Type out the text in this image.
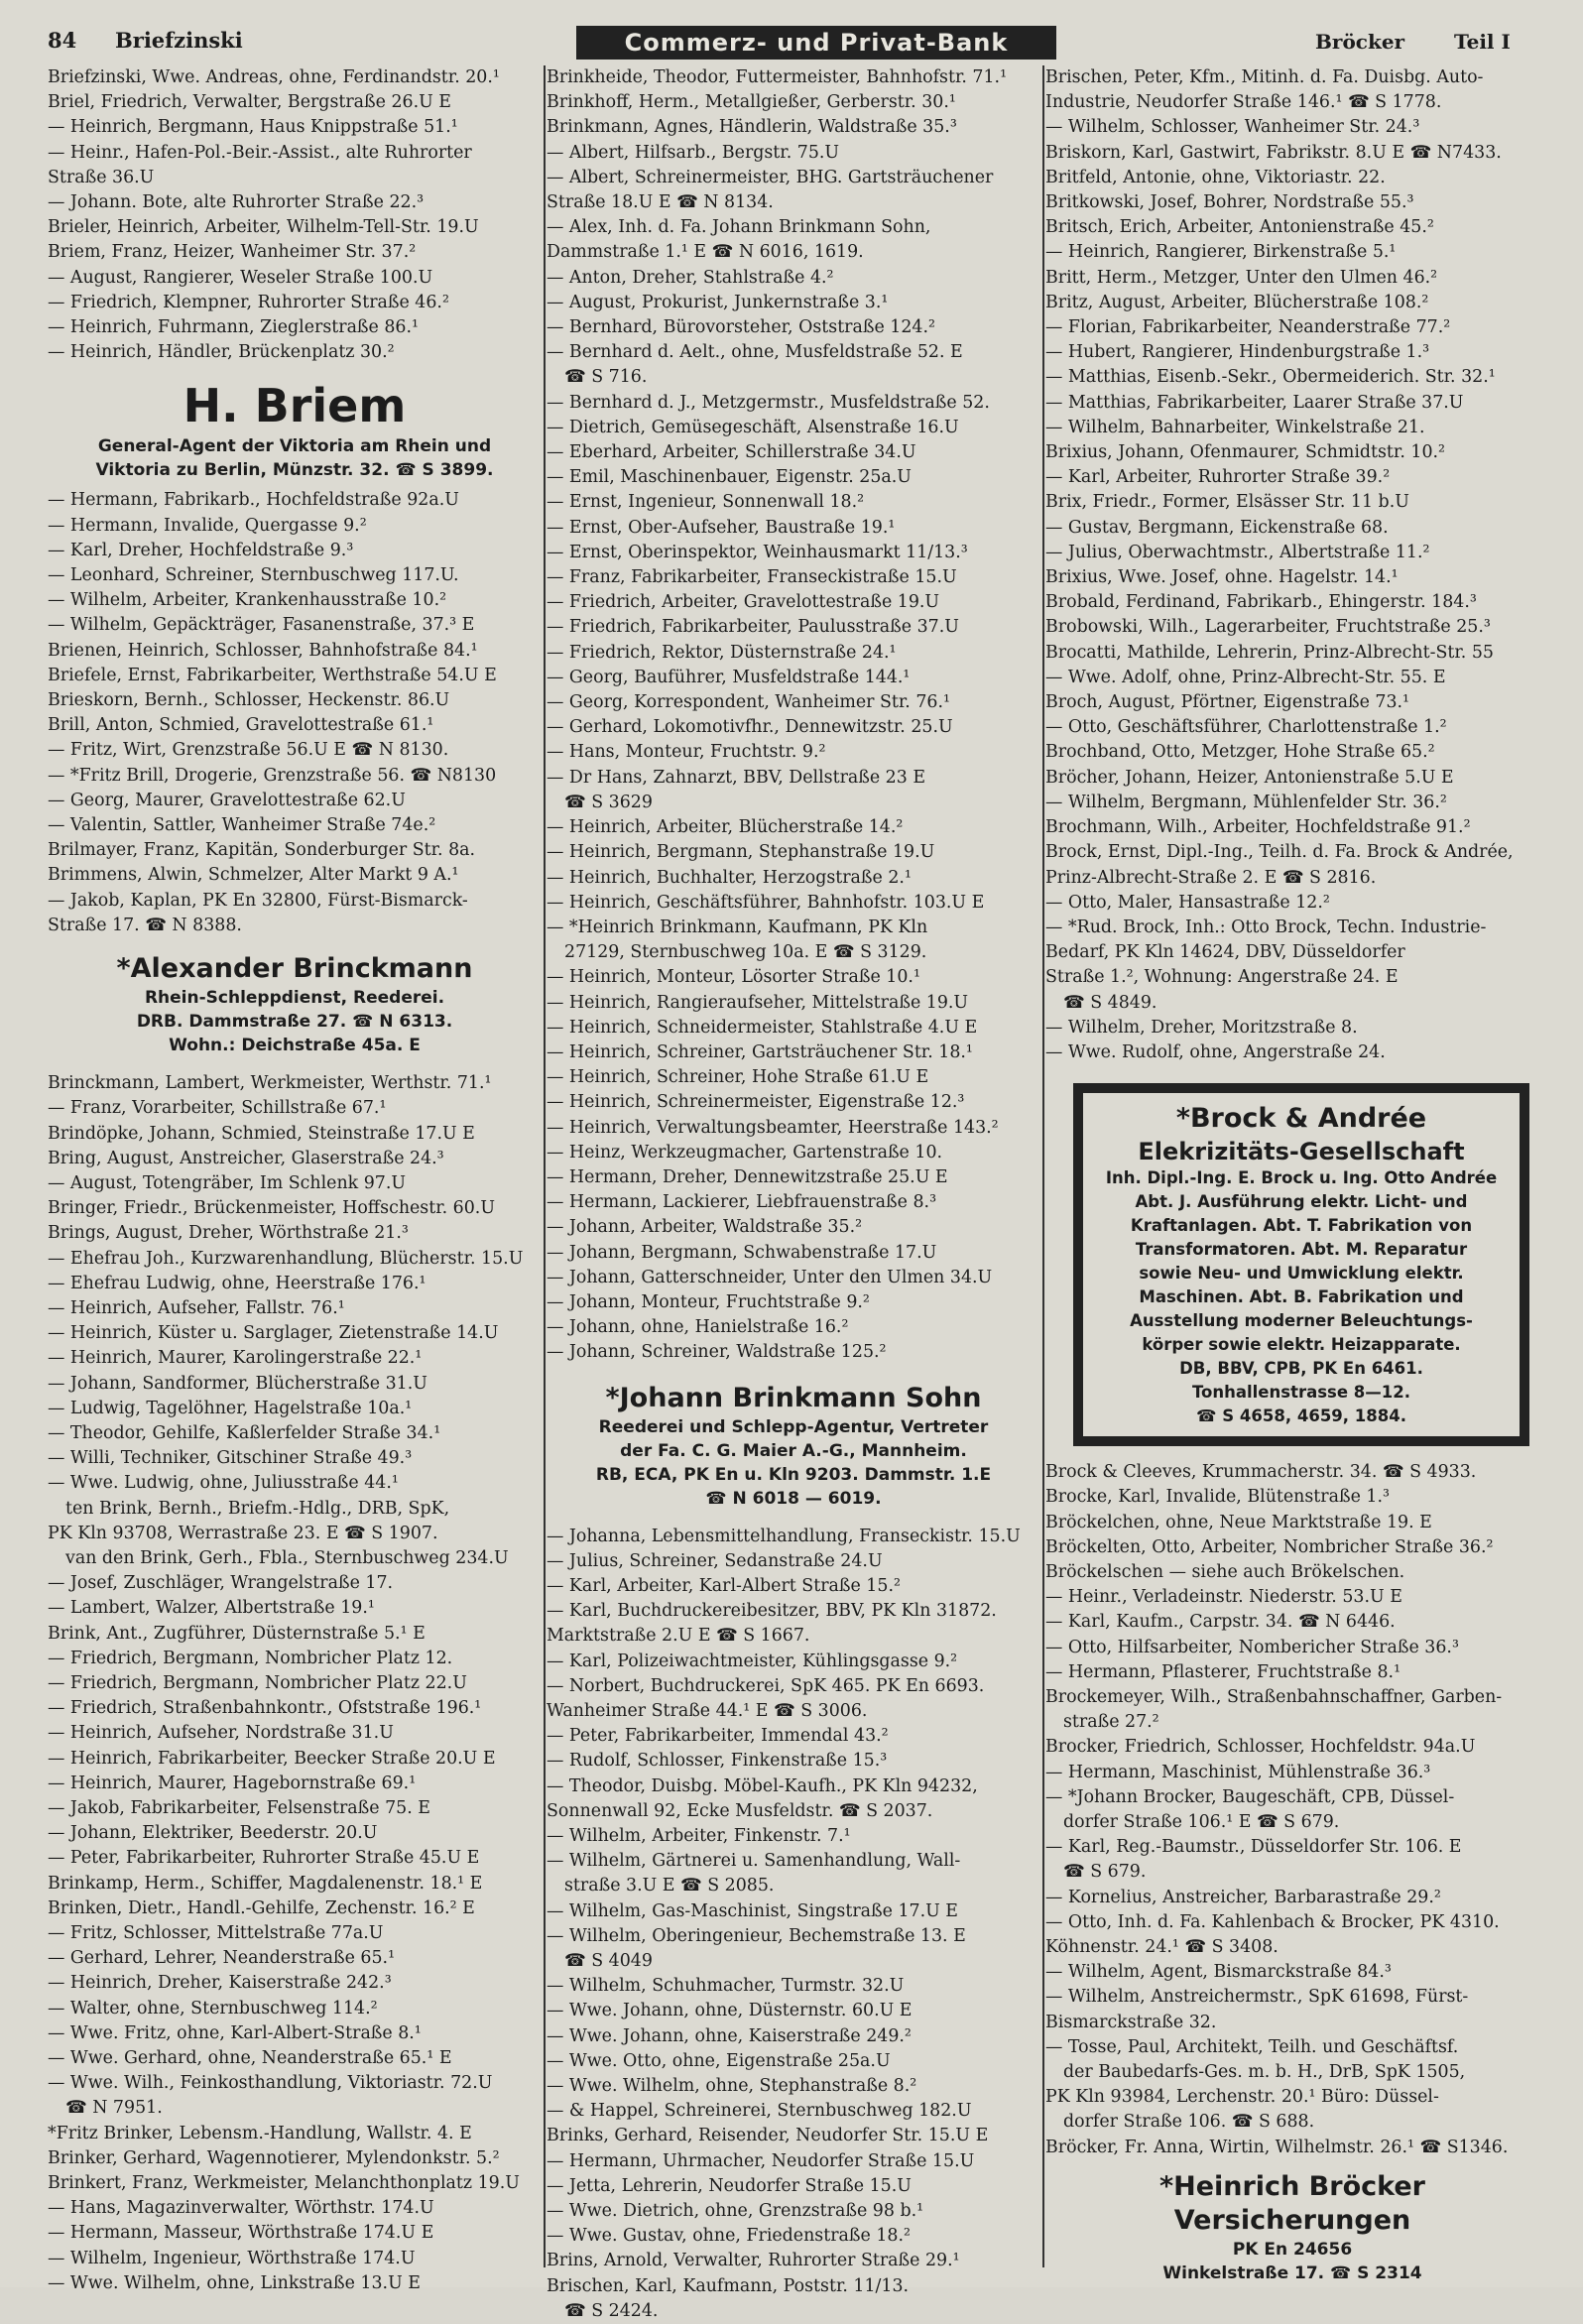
84 Briefzinski	Commerz- und Privat-Bank	Bröcker Teil I
Briefzinski, Wwe. Andreas, ohne, Ferdinandstr. 20.¹
Briel, Friedrich, Verwalter, Bergstraße 26.U E
— Heinrich, Bergmann, Haus Knippstraße 51.¹
— Heinr., Hafen-Pol.-Beir.-Assist., alte Ruhrorter
Straße 36.U
— Johann. Bote, alte Ruhrorter Straße 22.³
Brieler, Heinrich, Arbeiter, Wilhelm-Tell-Str. 19.U
Briem, Franz, Heizer, Wanheimer Str. 37.²
— August, Rangierer, Weseler Straße 100.U
— Friedrich, Klempner, Ruhrorter Straße 46.²
— Heinrich, Fuhrmann, Zieglerstraße 86.¹
— Heinrich, Händler, Brückenplatz 30.²
H. Briem
General-Agent der Viktoria am Rhein und
Viktoria zu Berlin, Münzstr. 32. ☎ S 3899.
— Hermann, Fabrikarb., Hochfeldstraße 92a.U
— Hermann, Invalide, Quergasse 9.²
— Karl, Dreher, Hochfeldstraße 9.³
— Leonhard, Schreiner, Sternbuschweg 117.U.
— Wilhelm, Arbeiter, Krankenhausstraße 10.²
— Wilhelm, Gepäckträger, Fasanenstraße, 37.³ E
Brienen, Heinrich, Schlosser, Bahnhofstraße 84.¹
Briefele, Ernst, Fabrikarbeiter, Werthstraße 54.U E
Brieskorn, Bernh., Schlosser, Heckenstr. 86.U
Brill, Anton, Schmied, Gravelottestraße 61.¹
— Fritz, Wirt, Grenzstraße 56.U E ☎ N 8130.
— *Fritz Brill, Drogerie, Grenzstraße 56. ☎ N8130
— Georg, Maurer, Gravelottestraße 62.U
— Valentin, Sattler, Wanheimer Straße 74e.²
Brilmayer, Franz, Kapitän, Sonderburger Str. 8a.
Brimmens, Alwin, Schmelzer, Alter Markt 9 A.¹
— Jakob, Kaplan, PK En 32800, Fürst-Bismarck-
Straße 17. ☎ N 8388.
*Alexander Brinckmann
Rhein-Schleppdienst, Reederei.
DRB. Dammstraße 27. ☎ N 6313.
Wohn.: Deichstraße 45a. E
Brinckmann, Lambert, Werkmeister, Werthstr. 71.¹
— Franz, Vorarbeiter, Schillstraße 67.¹
Brindöpke, Johann, Schmied, Steinstraße 17.U E
Bring, August, Anstreicher, Glaserstraße 24.³
— August, Totengräber, Im Schlenk 97.U
Bringer, Friedr., Brückenmeister, Hoffschestr. 60.U
Brings, August, Dreher, Wörthstraße 21.³
— Ehefrau Joh., Kurzwarenhandlung, Blücherstr. 15.U
— Ehefrau Ludwig, ohne, Heerstraße 176.¹
— Heinrich, Aufseher, Fallstr. 76.¹
— Heinrich, Küster u. Sarglager, Zietenstraße 14.U
— Heinrich, Maurer, Karolingerstraße 22.¹
— Johann, Sandformer, Blücherstraße 31.U
— Ludwig, Tagelöhner, Hagelstraße 10a.¹
— Theodor, Gehilfe, Kaßlerfelder Straße 34.¹
— Willi, Techniker, Gitschiner Straße 49.³
— Wwe. Ludwig, ohne, Juliusstraße 44.¹
ten Brink, Bernh., Briefm.-Hdlg., DRB, SpK,
PK Kln 93708, Werrastraße 23. E ☎ S 1907.
van den Brink, Gerh., Fbla., Sternbuschweg 234.U
— Josef, Zuschläger, Wrangelstraße 17.
— Lambert, Walzer, Albertstraße 19.¹
Brink, Ant., Zugführer, Düsternstraße 5.¹ E
— Friedrich, Bergmann, Nombricher Platz 12.
— Friedrich, Bergmann, Nombricher Platz 22.U
— Friedrich, Straßenbahnkontr., Ofststraße 196.¹
— Heinrich, Aufseher, Nordstraße 31.U
— Heinrich, Fabrikarbeiter, Beecker Straße 20.U E
— Heinrich, Maurer, Hagebornstraße 69.¹
— Jakob, Fabrikarbeiter, Felsenstraße 75. E
— Johann, Elektriker, Beederstr. 20.U
— Peter, Fabrikarbeiter, Ruhrorter Straße 45.U E
Brinkamp, Herm., Schiffer, Magdalenenstr. 18.¹ E
Brinken, Dietr., Handl.-Gehilfe, Zechenstr. 16.² E
— Fritz, Schlosser, Mittelstraße 77a.U
— Gerhard, Lehrer, Neanderstraße 65.¹
— Heinrich, Dreher, Kaiserstraße 242.³
— Walter, ohne, Sternbuschweg 114.²
— Wwe. Fritz, ohne, Karl-Albert-Straße 8.¹
— Wwe. Gerhard, ohne, Neanderstraße 65.¹ E
— Wwe. Wilh., Feinkosthandlung, Viktoriastr. 72.U
☎ N 7951.
*Fritz Brinker, Lebensm.-Handlung, Wallstr. 4. E
Brinker, Gerhard, Wagennotierer, Mylendonkstr. 5.²
Brinkert, Franz, Werkmeister, Melanchthonplatz 19.U
— Hans, Magazinverwalter, Wörthstr. 174.U
— Hermann, Masseur, Wörthstraße 174.U E
— Wilhelm, Ingenieur, Wörthstraße 174.U
— Wwe. Wilhelm, ohne, Linkstraße 13.U E
Brinkheide, Theodor, Futtermeister, Bahnhofstr. 71.¹
Brinkhoff, Herm., Metallgießer, Gerberstr. 30.¹
Brinkmann, Agnes, Händlerin, Waldstraße 35.³
— Albert, Hilfsarb., Bergstr. 75.U
— Albert, Schreinermeister, BHG. Gartsträuchener
Straße 18.U E ☎ N 8134.
— Alex, Inh. d. Fa. Johann Brinkmann Sohn,
Dammstraße 1.¹ E ☎ N 6016, 1619.
— Anton, Dreher, Stahlstraße 4.²
— August, Prokurist, Junkernstraße 3.¹
— Bernhard, Bürovorsteher, Oststraße 124.²
— Bernhard d. Aelt., ohne, Musfeldstraße 52. E
☎ S 716.
— Bernhard d. J., Metzgermstr., Musfeldstraße 52.
— Dietrich, Gemüsegeschäft, Alsenstraße 16.U
— Eberhard, Arbeiter, Schillerstraße 34.U
— Emil, Maschinenbauer, Eigenstr. 25a.U
— Ernst, Ingenieur, Sonnenwall 18.²
— Ernst, Ober-Aufseher, Baustraße 19.¹
— Ernst, Oberinspektor, Weinhausmarkt 11/13.³
— Franz, Fabrikarbeiter, Franseckistraße 15.U
— Friedrich, Arbeiter, Gravelottestraße 19.U
— Friedrich, Fabrikarbeiter, Paulusstraße 37.U
— Friedrich, Rektor, Düsternstraße 24.¹
— Georg, Bauführer, Musfeldstraße 144.¹
— Georg, Korrespondent, Wanheimer Str. 76.¹
— Gerhard, Lokomotivfhr., Dennewitzstr. 25.U
— Hans, Monteur, Fruchtstr. 9.²
— Dr Hans, Zahnarzt, BBV, Dellstraße 23 E
☎ S 3629
— Heinrich, Arbeiter, Blücherstraße 14.²
— Heinrich, Bergmann, Stephanstraße 19.U
— Heinrich, Buchhalter, Herzogstraße 2.¹
— Heinrich, Geschäftsführer, Bahnhofstr. 103.U E
— *Heinrich Brinkmann, Kaufmann, PK Kln
27129, Sternbuschweg 10a. E ☎ S 3129.
— Heinrich, Monteur, Lösorter Straße 10.¹
— Heinrich, Rangieraufseher, Mittelstraße 19.U
— Heinrich, Schneidermeister, Stahlstraße 4.U E
— Heinrich, Schreiner, Gartsträuchener Str. 18.¹
— Heinrich, Schreiner, Hohe Straße 61.U E
— Heinrich, Schreinermeister, Eigenstraße 12.³
— Heinrich, Verwaltungsbeamter, Heerstraße 143.²
— Heinz, Werkzeugmacher, Gartenstraße 10.
— Hermann, Dreher, Dennewitzstraße 25.U E
— Hermann, Lackierer, Liebfrauenstraße 8.³
— Johann, Arbeiter, Waldstraße 35.²
— Johann, Bergmann, Schwabenstraße 17.U
— Johann, Gatterschneider, Unter den Ulmen 34.U
— Johann, Monteur, Fruchtstraße 9.²
— Johann, ohne, Hanielstraße 16.²
— Johann, Schreiner, Waldstraße 125.²
*Johann Brinkmann Sohn
Reederei und Schlepp-Agentur, Vertreter
der Fa. C. G. Maier A.-G., Mannheim.
RB, ECA, PK En u. Kln 9203. Dammstr. 1.E
☎ N 6018 — 6019.
— Johanna, Lebensmittelhandlung, Franseckistr. 15.U
— Julius, Schreiner, Sedanstraße 24.U
— Karl, Arbeiter, Karl-Albert Straße 15.²
— Karl, Buchdruckereibesitzer, BBV, PK Kln 31872.
Marktstraße 2.U E ☎ S 1667.
— Karl, Polizeiwachtmeister, Kühlingsgasse 9.²
— Norbert, Buchdruckerei, SpK 465. PK En 6693.
Wanheimer Straße 44.¹ E ☎ S 3006.
— Peter, Fabrikarbeiter, Immendal 43.²
— Rudolf, Schlosser, Finkenstraße 15.³
— Theodor, Duisbg. Möbel-Kaufh., PK Kln 94232,
Sonnenwall 92, Ecke Musfeldstr. ☎ S 2037.
— Wilhelm, Arbeiter, Finkenstr. 7.¹
— Wilhelm, Gärtnerei u. Samenhandlung, Wall-
straße 3.U E ☎ S 2085.
— Wilhelm, Gas-Maschinist, Singstraße 17.U E
— Wilhelm, Oberingenieur, Bechemstraße 13. E
☎ S 4049
— Wilhelm, Schuhmacher, Turmstr. 32.U
— Wwe. Johann, ohne, Düsternstr. 60.U E
— Wwe. Johann, ohne, Kaiserstraße 249.²
— Wwe. Otto, ohne, Eigenstraße 25a.U
— Wwe. Wilhelm, ohne, Stephanstraße 8.²
— & Happel, Schreinerei, Sternbuschweg 182.U
Brinks, Gerhard, Reisender, Neudorfer Str. 15.U E
— Hermann, Uhrmacher, Neudorfer Straße 15.U
— Jetta, Lehrerin, Neudorfer Straße 15.U
— Wwe. Dietrich, ohne, Grenzstraße 98 b.¹
— Wwe. Gustav, ohne, Friedenstraße 18.²
Brins, Arnold, Verwalter, Ruhrorter Straße 29.¹
Brischen, Karl, Kaufmann, Poststr. 11/13.
☎ S 2424.
Brischen, Peter, Kfm., Mitinh. d. Fa. Duisbg. Auto-
Industrie, Neudorfer Straße 146.¹ ☎ S 1778.
— Wilhelm, Schlosser, Wanheimer Str. 24.³
Briskorn, Karl, Gastwirt, Fabrikstr. 8.U E ☎ N7433.
Britfeld, Antonie, ohne, Viktoriastr. 22.
Britkowski, Josef, Bohrer, Nordstraße 55.³
Britsch, Erich, Arbeiter, Antonienstraße 45.²
— Heinrich, Rangierer, Birkenstraße 5.¹
Britt, Herm., Metzger, Unter den Ulmen 46.²
Britz, August, Arbeiter, Blücherstraße 108.²
— Florian, Fabrikarbeiter, Neanderstraße 77.²
— Hubert, Rangierer, Hindenburgstraße 1.³
— Matthias, Eisenb.-Sekr., Obermeiderich. Str. 32.¹
— Matthias, Fabrikarbeiter, Laarer Straße 37.U
— Wilhelm, Bahnarbeiter, Winkelstraße 21.
Brixius, Johann, Ofenmaurer, Schmidtstr. 10.²
— Karl, Arbeiter, Ruhrorter Straße 39.²
Brix, Friedr., Former, Elsässer Str. 11 b.U
— Gustav, Bergmann, Eickenstraße 68.
— Julius, Oberwachtmstr., Albertstraße 11.²
Brixius, Wwe. Josef, ohne. Hagelstr. 14.¹
Brobald, Ferdinand, Fabrikarb., Ehingerstr. 184.³
Brobowski, Wilh., Lagerarbeiter, Fruchtstraße 25.³
Brocatti, Mathilde, Lehrerin, Prinz-Albrecht-Str. 55
— Wwe. Adolf, ohne, Prinz-Albrecht-Str. 55. E
Broch, August, Pförtner, Eigenstraße 73.¹
— Otto, Geschäftsführer, Charlottenstraße 1.²
Brochband, Otto, Metzger, Hohe Straße 65.²
Bröcher, Johann, Heizer, Antonienstraße 5.U E
— Wilhelm, Bergmann, Mühlenfelder Str. 36.²
Brochmann, Wilh., Arbeiter, Hochfeldstraße 91.²
Brock, Ernst, Dipl.-Ing., Teilh. d. Fa. Brock & Andrée,
Prinz-Albrecht-Straße 2. E ☎ S 2816.
— Otto, Maler, Hansastraße 12.²
— *Rud. Brock, Inh.: Otto Brock, Techn. Industrie-
Bedarf, PK Kln 14624, DBV, Düsseldorfer
Straße 1.², Wohnung: Angerstraße 24. E
☎ S 4849.
— Wilhelm, Dreher, Moritzstraße 8.
— Wwe. Rudolf, ohne, Angerstraße 24.
*Brock & Andrée
Elekrizitäts-Gesellschaft
Inh. Dipl.-Ing. E. Brock u. Ing. Otto Andrée
Abt. J. Ausführung elektr. Licht- und
Kraftanlagen. Abt. T. Fabrikation von
Transformatoren. Abt. M. Reparatur
sowie Neu- und Umwicklung elektr.
Maschinen. Abt. B. Fabrikation und
Ausstellung moderner Beleuchtungs-
körper sowie elektr. Heizapparate.
DB, BBV, CPB, PK En 6461.
Tonhallenstrasse 8—12.
☎ S 4658, 4659, 1884.
Brock & Cleeves, Krummacherstr. 34. ☎ S 4933.
Brocke, Karl, Invalide, Blütenstraße 1.³
Bröckelchen, ohne, Neue Marktstraße 19. E
Bröckelten, Otto, Arbeiter, Nombricher Straße 36.²
Bröckelschen — siehe auch Brökelschen.
— Heinr., Verladeinstr. Niederstr. 53.U E
— Karl, Kaufm., Carpstr. 34. ☎ N 6446.
— Otto, Hilfsarbeiter, Nombericher Straße 36.³
— Hermann, Pflasterer, Fruchtstraße 8.¹
Brockemeyer, Wilh., Straßenbahnschaffner, Garben-
straße 27.²
Brocker, Friedrich, Schlosser, Hochfeldstr. 94a.U
— Hermann, Maschinist, Mühlenstraße 36.³
— *Johann Brocker, Baugeschäft, CPB, Düssel-
dorfer Straße 106.¹ E ☎ S 679.
— Karl, Reg.-Baumstr., Düsseldorfer Str. 106. E
☎ S 679.
— Kornelius, Anstreicher, Barbarastraße 29.²
— Otto, Inh. d. Fa. Kahlenbach & Brocker, PK 4310.
Köhnenstr. 24.¹ ☎ S 3408.
— Wilhelm, Agent, Bismarckstraße 84.³
— Wilhelm, Anstreichermstr., SpK 61698, Fürst-
Bismarckstraße 32.
— Tosse, Paul, Architekt, Teilh. und Geschäftsf.
der Baubedarfs-Ges. m. b. H., DrB, SpK 1505,
PK Kln 93984, Lerchenstr. 20.¹ Büro: Düssel-
dorfer Straße 106. ☎ S 688.
Bröcker, Fr. Anna, Wirtin, Wilhelmstr. 26.¹ ☎ S1346.
*Heinrich Bröcker
Versicherungen
PK En 24656
Winkelstraße 17. ☎ S 2314
